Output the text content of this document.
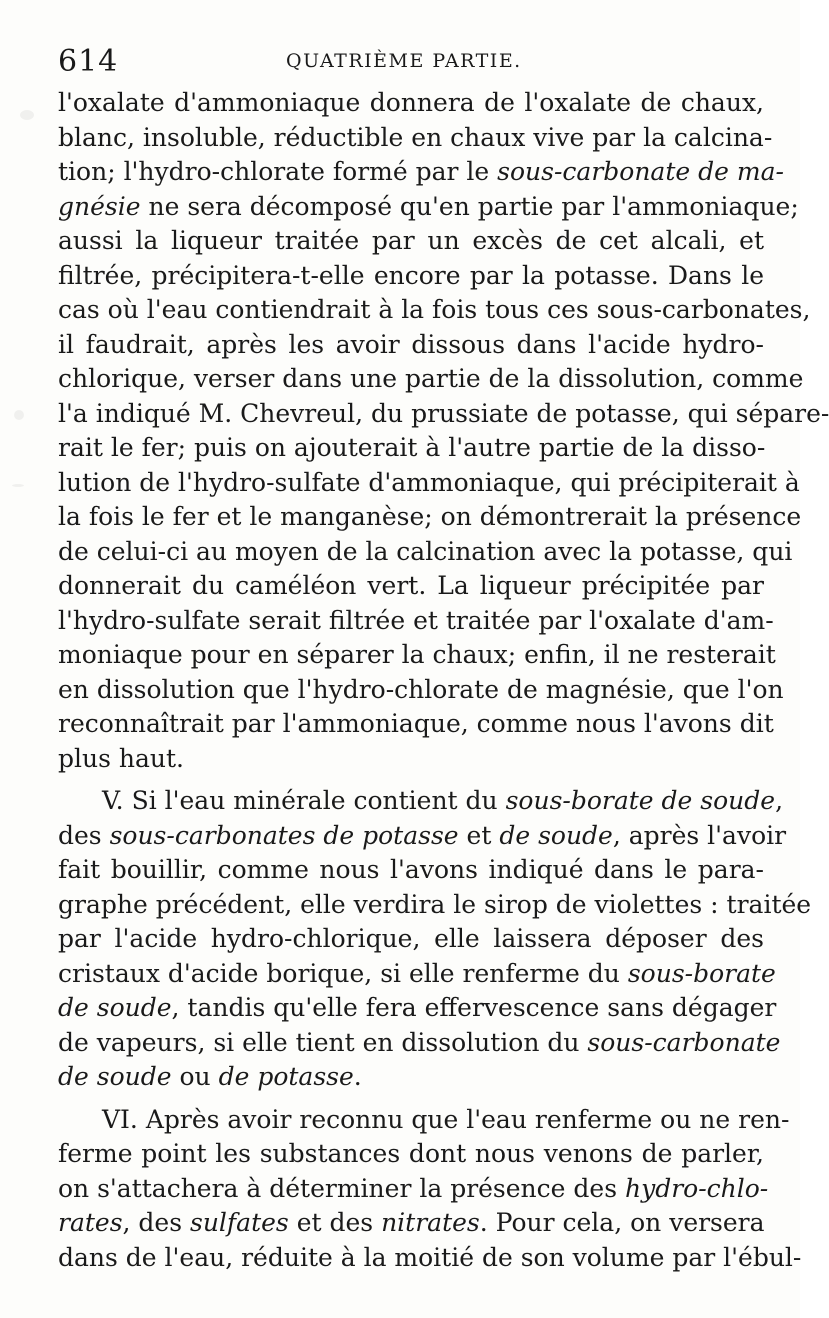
614	QUATRIÈME PARTIE.
l'oxalate d'ammoniaque donnera de l'oxalate de chaux,
blanc, insoluble, réductible en chaux vive par la calcina-
tion; l'hydro-chlorate formé par le sous-carbonate de ma-
gnésie ne sera décomposé qu'en partie par l'ammoniaque;
aussi la liqueur traitée par un excès de cet alcali, et
filtrée, précipitera-t-elle encore par la potasse. Dans le
cas où l'eau contiendrait à la fois tous ces sous-carbonates,
il faudrait, après les avoir dissous dans l'acide hydro-
chlorique, verser dans une partie de la dissolution, comme
l'a indiqué M. Chevreul, du prussiate de potasse, qui sépare-
rait le fer; puis on ajouterait à l'autre partie de la disso-
lution de l'hydro-sulfate d'ammoniaque, qui précipiterait à
la fois le fer et le manganèse; on démontrerait la présence
de celui-ci au moyen de la calcination avec la potasse, qui
donnerait du caméléon vert. La liqueur précipitée par
l'hydro-sulfate serait filtrée et traitée par l'oxalate d'am-
moniaque pour en séparer la chaux; enfin, il ne resterait
en dissolution que l'hydro-chlorate de magnésie, que l'on
reconnaîtrait par l'ammoniaque, comme nous l'avons dit
plus haut.
V. Si l'eau minérale contient du sous-borate de soude,
des sous-carbonates de potasse et de soude, après l'avoir
fait bouillir, comme nous l'avons indiqué dans le para-
graphe précédent, elle verdira le sirop de violettes : traitée
par l'acide hydro-chlorique, elle laissera déposer des
cristaux d'acide borique, si elle renferme du sous-borate
de soude, tandis qu'elle fera effervescence sans dégager
de vapeurs, si elle tient en dissolution du sous-carbonate
de soude ou de potasse.
VI. Après avoir reconnu que l'eau renferme ou ne ren-
ferme point les substances dont nous venons de parler,
on s'attachera à déterminer la présence des hydro-chlo-
rates, des sulfates et des nitrates. Pour cela, on versera
dans de l'eau, réduite à la moitié de son volume par l'ébul-
